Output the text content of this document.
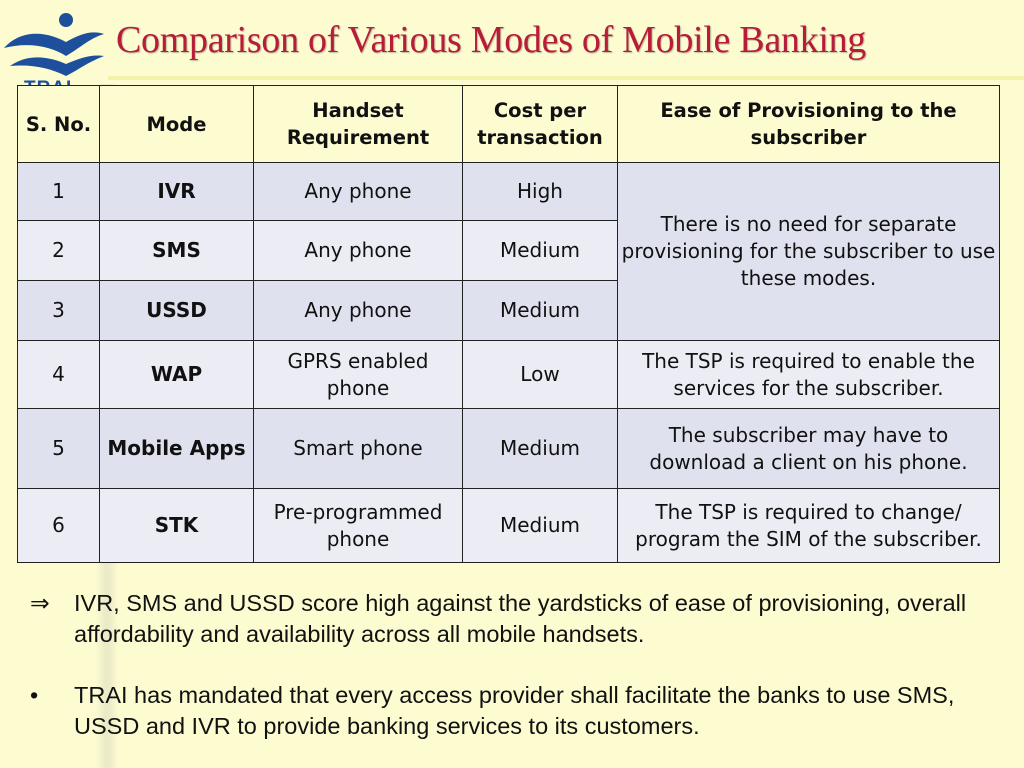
Comparison of Various Modes of Mobile Banking
S. No.	Mode	Handset Requirement	Cost per transaction	Ease of Provisioning to the subscriber
1	IVR	Any phone	High	There is no need for separate provisioning for the subscriber to use these modes.
2	SMS	Any phone	Medium	
3	USSD	Any phone	Medium	
4	WAP	GPRS enabled phone	Low	The TSP is required to enable the services for the subscriber.
5	Mobile Apps	Smart phone	Medium	The subscriber may have to download a client on his phone.
6	STK	Pre-programmed phone	Medium	The TSP is required to change/ program the SIM of the subscriber.
⇒ IVR, SMS and USSD score high against the yardsticks of ease of provisioning, overall affordability and availability across all mobile handsets.
• TRAI has mandated that every access provider shall facilitate the banks to use SMS, USSD and IVR to provide banking services to its customers.
